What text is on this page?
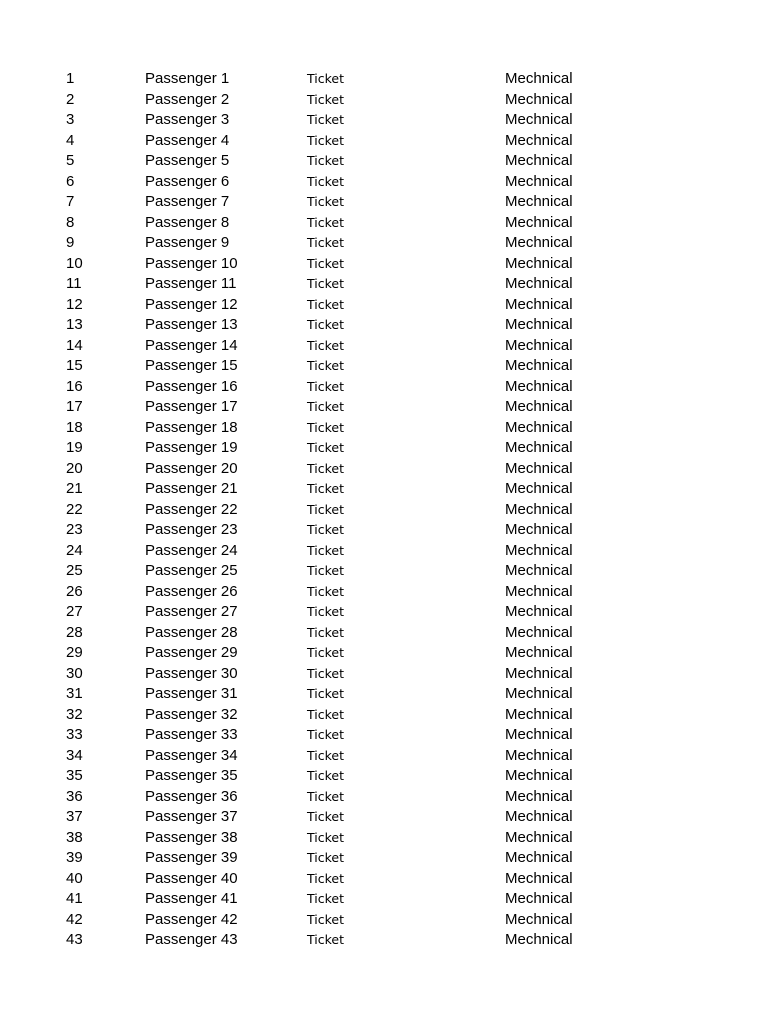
1	Passenger 1	Ticket	Mechnical
2	Passenger 2	Ticket	Mechnical
3	Passenger 3	Ticket	Mechnical
4	Passenger 4	Ticket	Mechnical
5	Passenger 5	Ticket	Mechnical
6	Passenger 6	Ticket	Mechnical
7	Passenger 7	Ticket	Mechnical
8	Passenger 8	Ticket	Mechnical
9	Passenger 9	Ticket	Mechnical
10	Passenger 10	Ticket	Mechnical
11	Passenger 11	Ticket	Mechnical
12	Passenger 12	Ticket	Mechnical
13	Passenger 13	Ticket	Mechnical
14	Passenger 14	Ticket	Mechnical
15	Passenger 15	Ticket	Mechnical
16	Passenger 16	Ticket	Mechnical
17	Passenger 17	Ticket	Mechnical
18	Passenger 18	Ticket	Mechnical
19	Passenger 19	Ticket	Mechnical
20	Passenger 20	Ticket	Mechnical
21	Passenger 21	Ticket	Mechnical
22	Passenger 22	Ticket	Mechnical
23	Passenger 23	Ticket	Mechnical
24	Passenger 24	Ticket	Mechnical
25	Passenger 25	Ticket	Mechnical
26	Passenger 26	Ticket	Mechnical
27	Passenger 27	Ticket	Mechnical
28	Passenger 28	Ticket	Mechnical
29	Passenger 29	Ticket	Mechnical
30	Passenger 30	Ticket	Mechnical
31	Passenger 31	Ticket	Mechnical
32	Passenger 32	Ticket	Mechnical
33	Passenger 33	Ticket	Mechnical
34	Passenger 34	Ticket	Mechnical
35	Passenger 35	Ticket	Mechnical
36	Passenger 36	Ticket	Mechnical
37	Passenger 37	Ticket	Mechnical
38	Passenger 38	Ticket	Mechnical
39	Passenger 39	Ticket	Mechnical
40	Passenger 40	Ticket	Mechnical
41	Passenger 41	Ticket	Mechnical
42	Passenger 42	Ticket	Mechnical
43	Passenger 43	Ticket	Mechnical
